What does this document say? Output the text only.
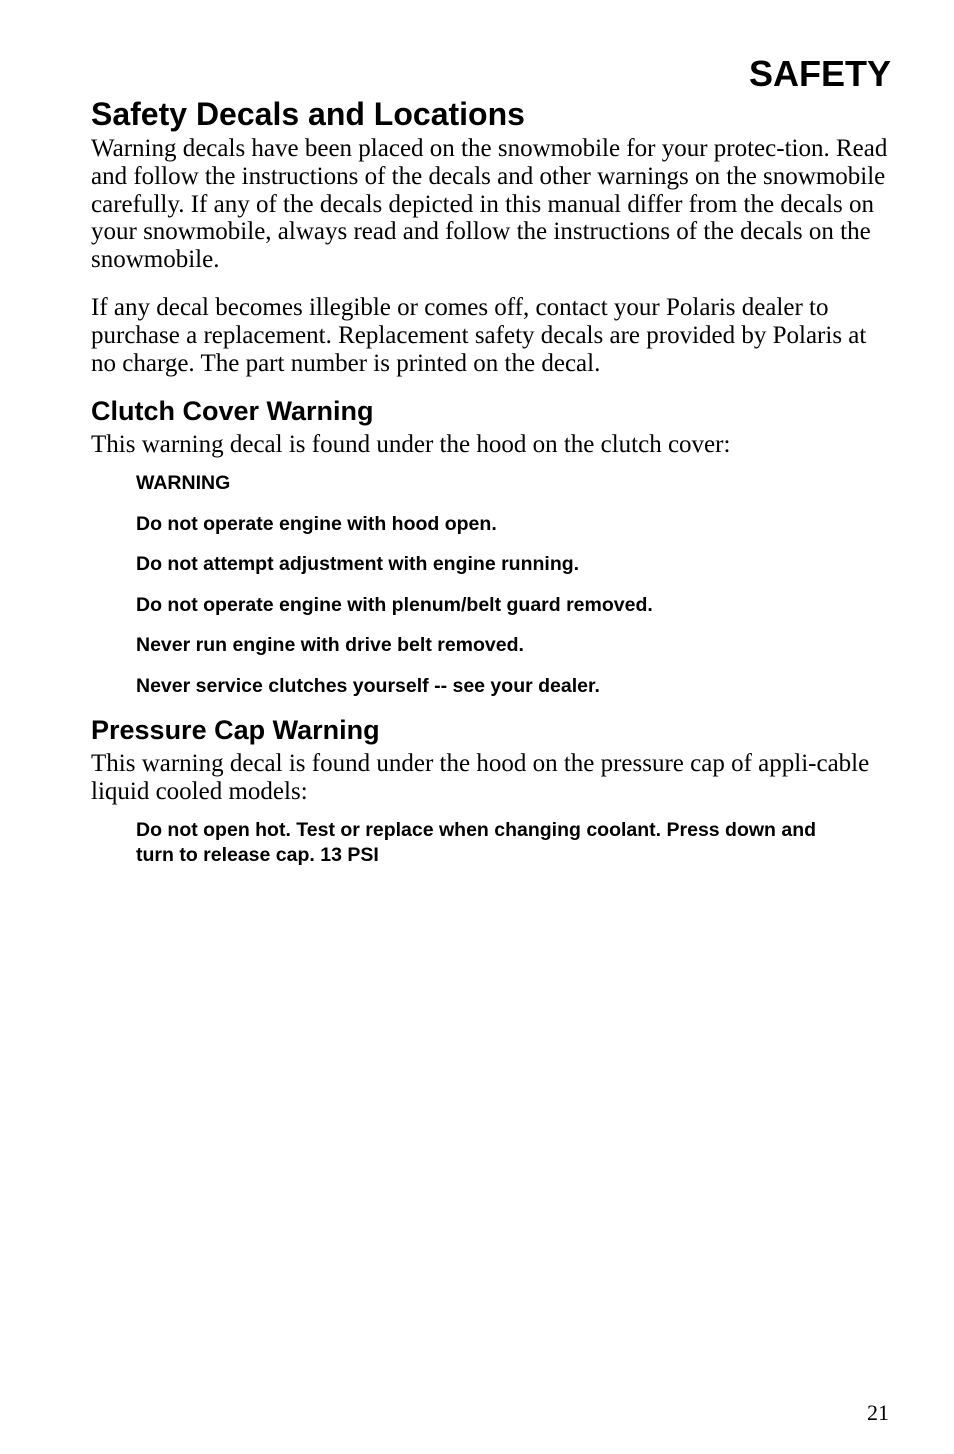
SAFETY
Safety Decals and Locations

Warning decals have been placed on the snowmobile for your protec-tion. Read and follow the instructions of the decals and other warnings on the snowmobile carefully. If any of the decals depicted in this manual differ from the decals on your snowmobile, always read and follow the instructions of the decals on the snowmobile.

If any decal becomes illegible or comes off, contact your Polaris dealer to purchase a replacement. Replacement safety decals are provided by Polaris at no charge. The part number is printed on the decal.

Clutch Cover Warning

This warning decal is found under the hood on the clutch cover:

WARNING
Do not operate engine with hood open.
Do not attempt adjustment with engine running.
Do not operate engine with plenum/belt guard removed.
Never run engine with drive belt removed.
Never service clutches yourself -- see your dealer.
Pressure Cap Warning

This warning decal is found under the hood on the pressure cap of appli-cable liquid cooled models:

Do not open hot. Test or replace when changing coolant. Press down and turn to release cap. 13 PSI
21
